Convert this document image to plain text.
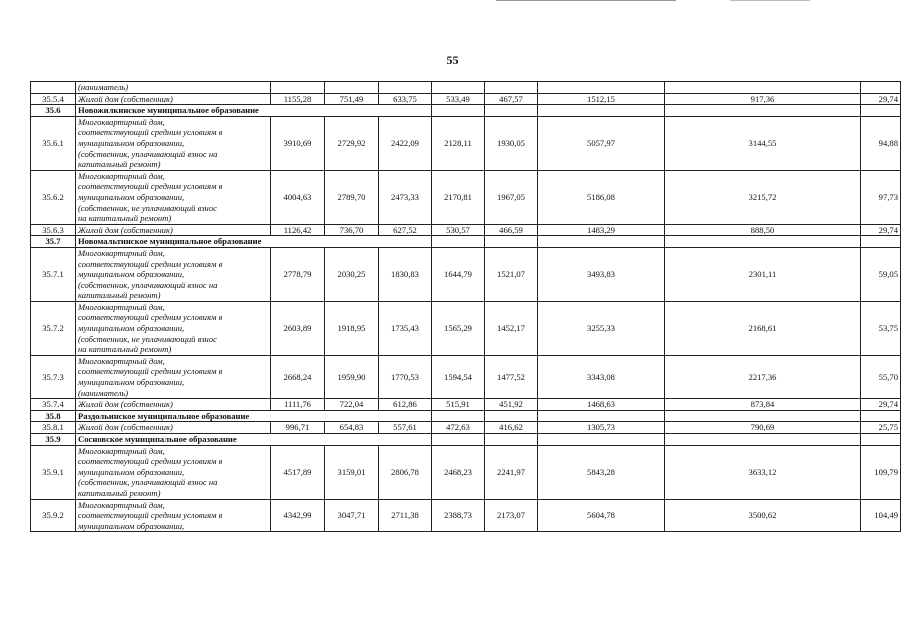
55

	(наниматель)								

35.5.4	Жилой дом (собственник)	1155,28	751,49	633,75	533,49	467,57	1512,15	917,36	29,74
35.6	Новожилкинское муниципальное образование								
35.6.1	Многоквартирный дом,
соответствующий средним условиям в
муниципальном образовании,
(собственник, уплачивающий взнос на
капитальный ремонт)	3910,69	2729,92	2422,09	2128,11	1930,05	5057,97	3144,55	94,88
35.6.2	Многоквартирный дом,
соответствующий средним условиям в
муниципальном образовании,
(собственник, не уплачивающий взнос
на капитальный ремонт)	4004,63	2789,70	2473,33	2170,81	1967,05	5186,08	3215,72	97,73
35.6.3	Жилой дом (собственник)	1126,42	736,70	627,52	530,57	466,59	1483,29	888,50	29,74
35.7	Новомальтинское муниципальное образование								
35.7.1	Многоквартирный дом,
соответствующий средним условиям в
муниципальном образовании,
(собственник, уплачивающий взнос на
капитальный ремонт)	2778,79	2030,25	1830,83	1644,79	1521,07	3493,83	2301,11	59,05
35.7.2	Многоквартирный дом,
соответствующий средним условиям в
муниципальном образовании,
(собственник, не уплачивающий взнос
на капитальный ремонт)	2603,89	1918,95	1735,43	1565,29	1452,17	3255,33	2168,61	53,75
35.7.3	Многоквартирный дом,
соответствующий средним условиям в
муниципальном образовании,
(наниматель)	2668,24	1959,90	1770,53	1594,54	1477,52	3343,08	2217,36	55,70
35.7.4	Жилой дом (собственник)	1111,76	722,04	612,86	515,91	451,92	1468,63	873,84	29,74
35.8	Раздольинское муниципальное образование								
35.8.1	Жилой дом (собственник)	996,71	654,83	557,61	472,63	416,62	1305,73	790,69	25,75
35.9	Сосновское муниципальное образование								
35.9.1	Многоквартирный дом,
соответствующий средним условиям в
муниципальном образовании,
(собственник, уплачивающий взнос на
капитальный ремонт)	4517,89	3159,01	2806,78	2468,23	2241,97	5843,28	3633,12	109,79
35.9.2	Многоквартирный дом,
соответствующий средним условиям в
муниципальном образовании,	4342,99	3047,71	2711,38	2388,73	2173,07	5604,78	3500,62	104,49
